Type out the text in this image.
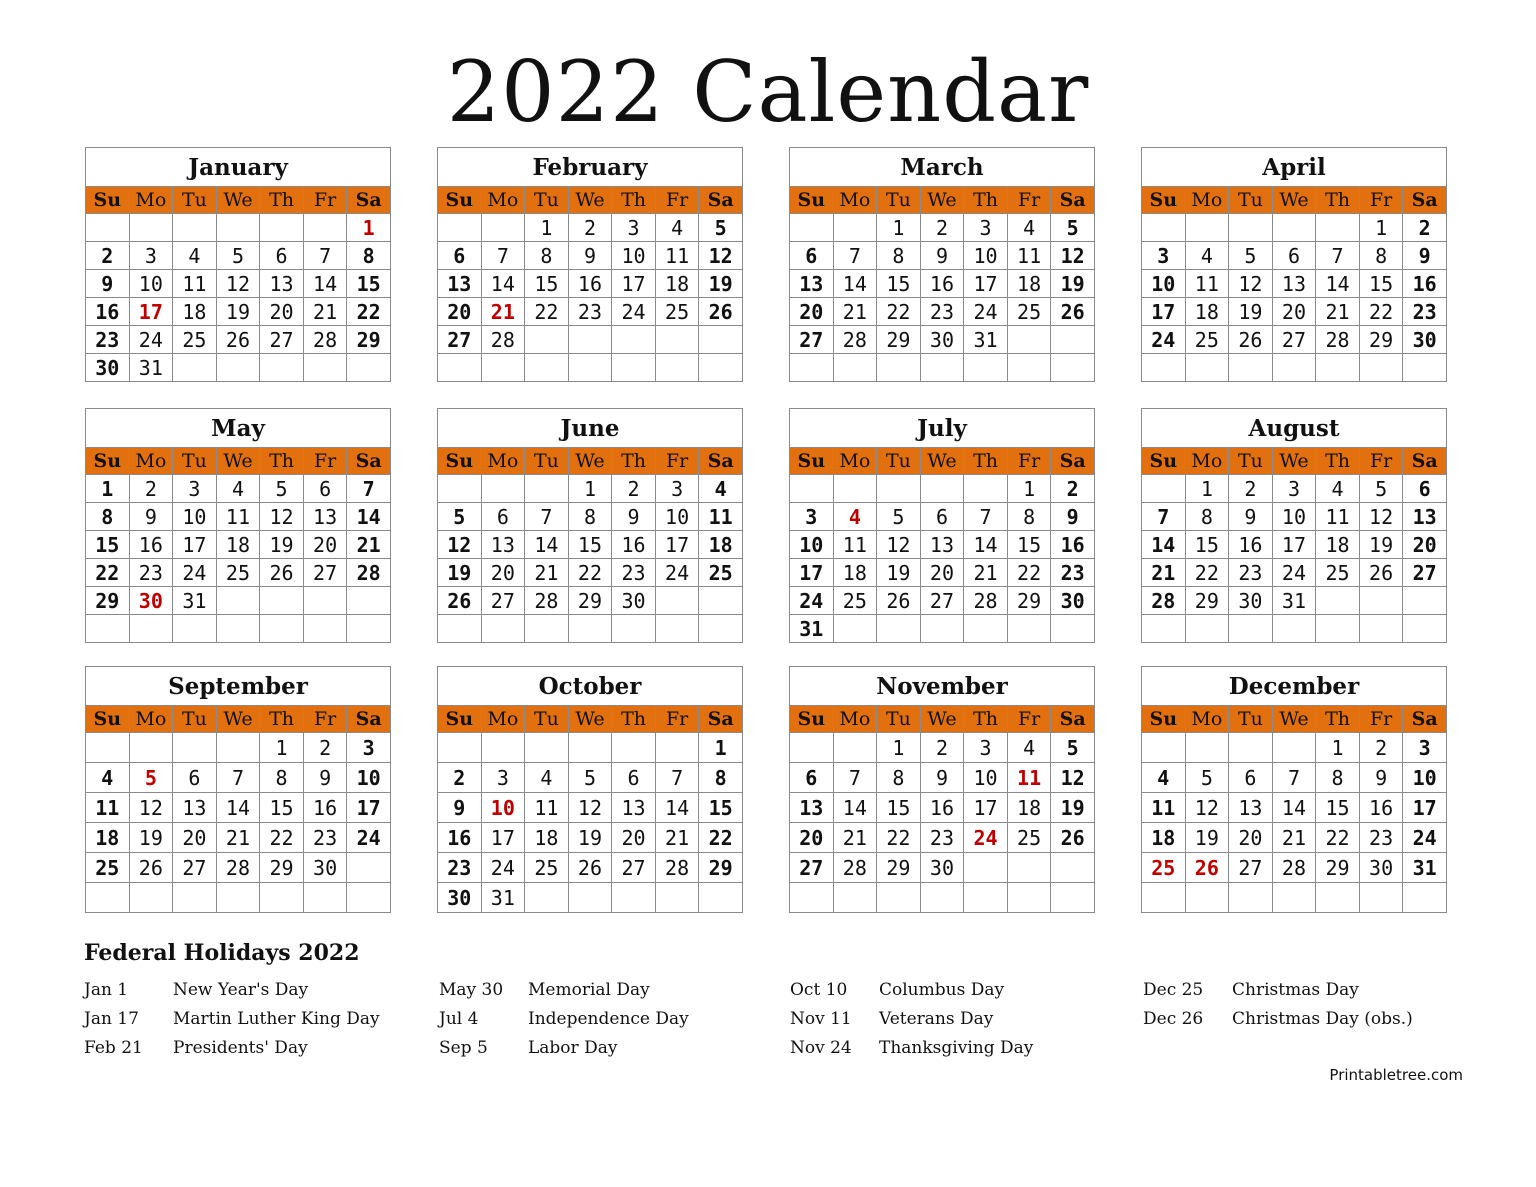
2022 Calendar
January						
Su	Mo	Tu	We	Th	Fr	Sa
						1
2	3	4	5	6	7	8
9	10	11	12	13	14	15
16	17	18	19	20	21	22
23	24	25	26	27	28	29
30	31					
February						
Su	Mo	Tu	We	Th	Fr	Sa
		1	2	3	4	5
6	7	8	9	10	11	12
13	14	15	16	17	18	19
20	21	22	23	24	25	26
27	28					

March						
Su	Mo	Tu	We	Th	Fr	Sa
		1	2	3	4	5
6	7	8	9	10	11	12
13	14	15	16	17	18	19
20	21	22	23	24	25	26
27	28	29	30	31		

April						
Su	Mo	Tu	We	Th	Fr	Sa
					1	2
3	4	5	6	7	8	9
10	11	12	13	14	15	16
17	18	19	20	21	22	23
24	25	26	27	28	29	30

May						
Su	Mo	Tu	We	Th	Fr	Sa
1	2	3	4	5	6	7
8	9	10	11	12	13	14
15	16	17	18	19	20	21
22	23	24	25	26	27	28
29	30	31				

June						
Su	Mo	Tu	We	Th	Fr	Sa
			1	2	3	4
5	6	7	8	9	10	11
12	13	14	15	16	17	18
19	20	21	22	23	24	25
26	27	28	29	30		

July						
Su	Mo	Tu	We	Th	Fr	Sa
					1	2
3	4	5	6	7	8	9
10	11	12	13	14	15	16
17	18	19	20	21	22	23
24	25	26	27	28	29	30
31						
August						
Su	Mo	Tu	We	Th	Fr	Sa
	1	2	3	4	5	6
7	8	9	10	11	12	13
14	15	16	17	18	19	20
21	22	23	24	25	26	27
28	29	30	31			

September						
Su	Mo	Tu	We	Th	Fr	Sa
				1	2	3
4	5	6	7	8	9	10
11	12	13	14	15	16	17
18	19	20	21	22	23	24
25	26	27	28	29	30	

October						
Su	Mo	Tu	We	Th	Fr	Sa
						1
2	3	4	5	6	7	8
9	10	11	12	13	14	15
16	17	18	19	20	21	22
23	24	25	26	27	28	29
30	31					
November						
Su	Mo	Tu	We	Th	Fr	Sa
		1	2	3	4	5
6	7	8	9	10	11	12
13	14	15	16	17	18	19
20	21	22	23	24	25	26
27	28	29	30			

December						
Su	Mo	Tu	We	Th	Fr	Sa
				1	2	3
4	5	6	7	8	9	10
11	12	13	14	15	16	17
18	19	20	21	22	23	24
25	26	27	28	29	30	31

Federal Holidays 2022
Jan 1	New Year's Day
Jan 17 Martin Luther King Day
Feb 21 Presidents' Day
May 30 Memorial Day
Jul 4	Independence Day
Sep 5 Labor Day
Oct 10 Columbus Day
Nov 11 Veterans Day
Nov 24 Thanksgiving Day
Dec 25 Christmas Day
Dec 26 Christmas Day (obs.)
Printabletree.com
